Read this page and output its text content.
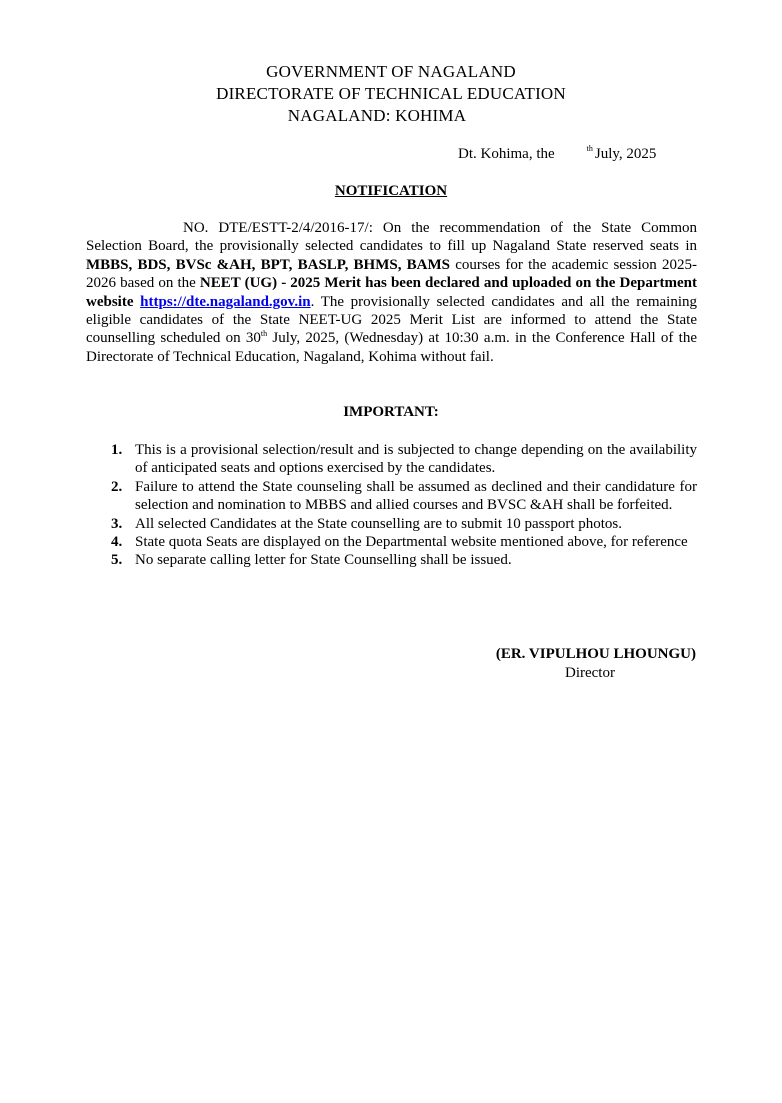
GOVERNMENT OF NAGALAND
DIRECTORATE OF TECHNICAL EDUCATION
NAGALAND: KOHIMA
Dt. Kohima, the	$^{th}$ July, 2025
NOTIFICATION
NO. DTE/ESTT-2/4/2016-17/: On the recommendation of the State Common Selection Board, the provisionally selected candidates to fill up Nagaland State reserved seats in MBBS, BDS, BVSc &AH, BPT, BASLP, BHMS, BAMS courses for the academic session 2025-2026 based on the NEET (UG) - 2025 Merit has been declared and uploaded on the Department website https://dte.nagaland.gov.in. The provisionally selected candidates and all the remaining eligible candidates of the State NEET-UG 2025 Merit List are informed to attend the State counselling scheduled on 30th July, 2025, (Wednesday) at 10:30 a.m. in the Conference Hall of the Directorate of Technical Education, Nagaland, Kohima without fail.
IMPORTANT:
1. This is a provisional selection/result and is subjected to change depending on the availability of anticipated seats and options exercised by the candidates.
2. Failure to attend the State counseling shall be assumed as declined and their candidature for selection and nomination to MBBS and allied courses and BVSC &AH shall be forfeited.
3. All selected Candidates at the State counselling are to submit 10 passport photos.
4. State quota Seats are displayed on the Departmental website mentioned above, for reference
5. No separate calling letter for State Counselling shall be issued.
(ER. VIPULHOU LHOUNGU)
Director
